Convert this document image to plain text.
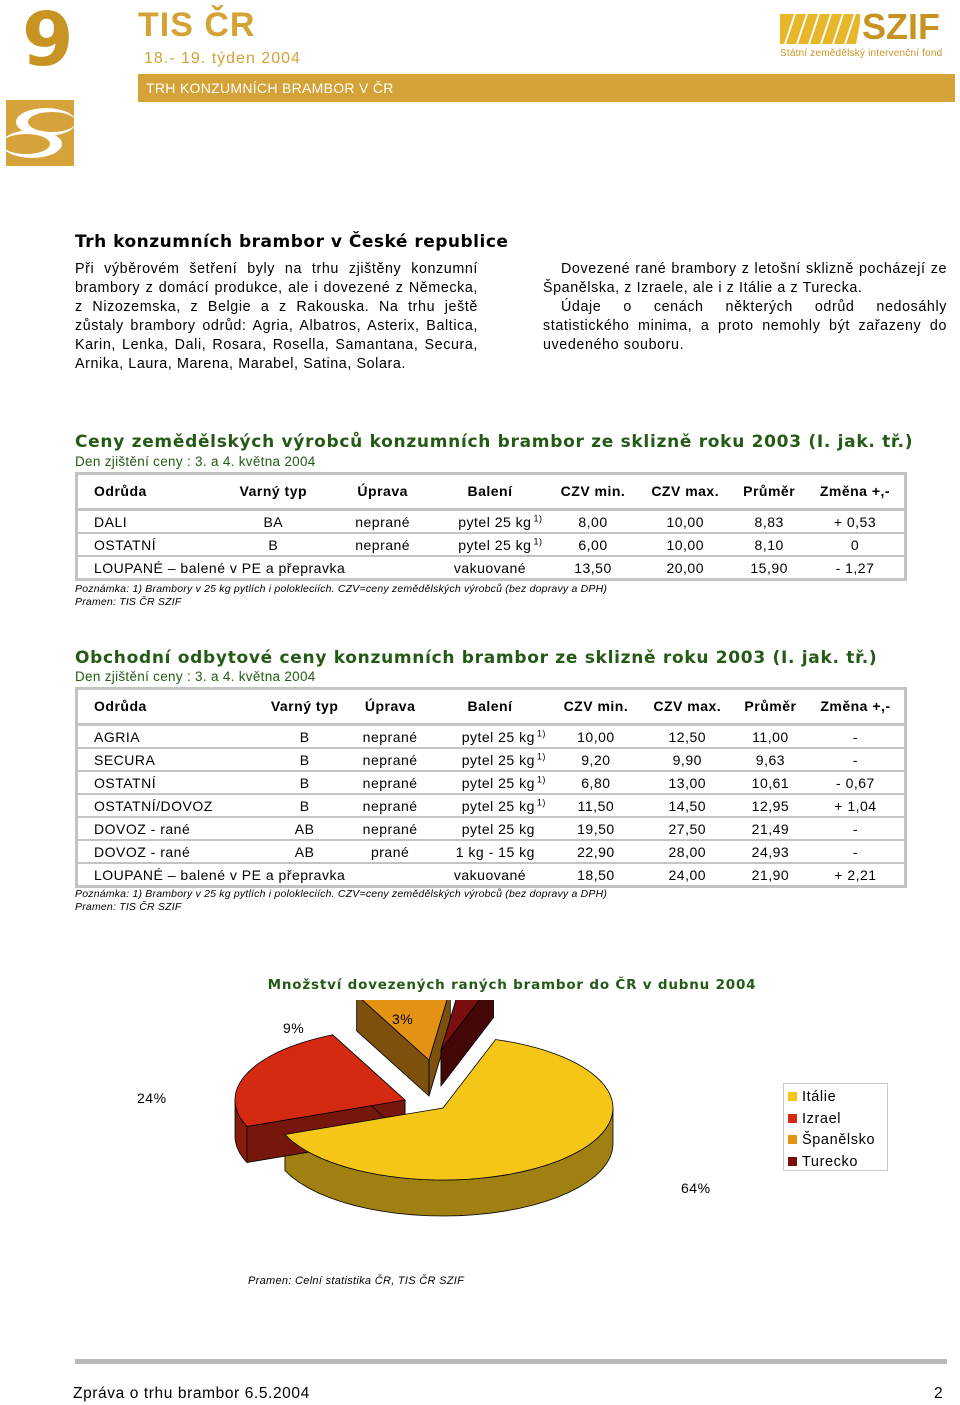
9 TIS ČR
18.- 19. týden 2004
TRH KONZUMNÍCH BRAMBOR V ČR
SZIF
Státní zemědělský intervenční fond
Trh konzumních brambor v České republice
Při výběrovém šetření byly na trhu zjištěny konzumní brambory z domácí produkce, ale i dovezené z Německa, z Nizozemska, z Belgie a z Rakouska. Na trhu ještě zůstaly brambory odrůd: Agria, Albatros, Asterix, Baltica, Karin, Lenka, Dali, Rosara, Rosella, Samantana, Secura, Arnika, Laura, Marena, Marabel, Satina, Solara.

Dovezené rané brambory z letošní sklizně pocházejí ze Španělska, z Izraele, ale i z Itálie a z Turecka.

Údaje o cenách některých odrůd nedosáhly statistického minima, a proto nemohly být zařazeny do uvedeného souboru.

Ceny zemědělských výrobců konzumních brambor ze sklizně roku 2003 (I. jak. tř.)
Den zjištění ceny : 3. a 4. května 2004
Odrůda	Varný typ	Úprava	Balení		CZV min.	CZV max.	Průměr	Změna +,-
DALI	BA	neprané	pytel 25 kg	$^{1)}$	8,00	10,00	8,83	+ 0,53
OSTATNÍ	B	neprané	pytel 25 kg	$^{1)}$	6,00	10,00	8,10	0
LOUPANÉ – balené v PE a přepravka			vakuované		13,50	20,00	15,90	- 1,27
Poznámka: 1) Brambory v 25 kg pytlích i polokleciích. CZV=ceny zemědělských výrobců (bez dopravy a DPH)
Pramen: TIS ČR SZIF
Obchodní odbytové ceny konzumních brambor ze sklizně roku 2003 (I. jak. tř.)
Den zjištění ceny : 3. a 4. května 2004
Odrůda	Varný typ	Úprava	Balení		CZV min.	CZV max.	Průměr	Změna +,-
AGRIA	B	neprané	pytel 25 kg	$^{1)}$	10,00	12,50	11,00	-
SECURA	B	neprané	pytel 25 kg	$^{1)}$	9,20	9,90	9,63	-
OSTATNÍ	B	neprané	pytel 25 kg	$^{1)}$	6,80	13,00	10,61	- 0,67
OSTATNÍ/DOVOZ	B	neprané	pytel 25 kg	$^{1)}$	11,50	14,50	12,95	+ 1,04
DOVOZ - rané	AB	neprané	pytel 25 kg		19,50	27,50	21,49	-
DOVOZ - rané	AB	prané	1 kg - 15 kg		22,90	28,00	24,93	-
LOUPANÉ – balené v PE a přepravka			vakuované		18,50	24,00	21,90	+ 2,21
Poznámka: 1) Brambory v 25 kg pytlích i polokleciích. CZV=ceny zemědělských výrobců (bez dopravy a DPH)
Pramen: TIS ČR SZIF
Množství dovezených raných brambor do ČR v dubnu 2004
64%
24%
9%
3%
Itálie
Izrael
Španělsko
Turecko
Pramen: Celní statistika ČR, TIS ČR SZIF
Zpráva o trhu brambor 6.5.2004	2
